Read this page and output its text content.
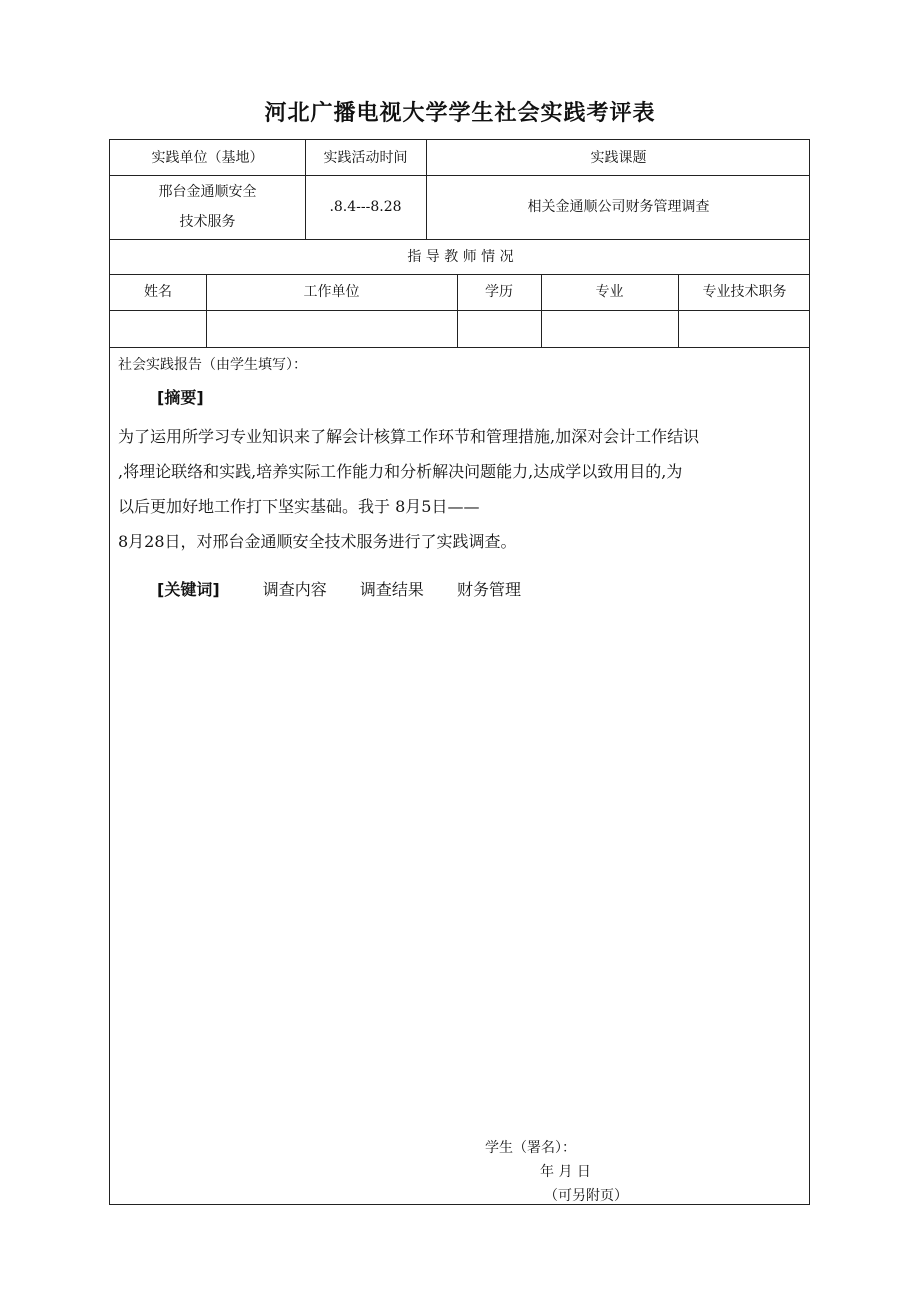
河北广播电视大学学生社会实践考评表
实践单位（基地）	实践活动时间	实践课题
邢台金通顺安全
技术服务
.8.4---8.28	相关金通顺公司财务管理调查
指 导 教 师 情 况
姓名	工作单位	学历	专业	专业技术职务
社会实践报告（由学生填写）：
[摘要]
为了运用所学习专业知识来了解会计核算工作环节和管理措施,加深对会计工作结识
,将理论联络和实践,培养实际工作能力和分析解决问题能力,达成学以致用目的,为
以后更加好地工作打下坚实基础。我于 8月5日——
8月28日，对邢台金通顺安全技术服务进行了实践调查。
[关键词]	调查内容 调查结果 财务管理
学生（署名）：
年 月 日
（可另附页）
